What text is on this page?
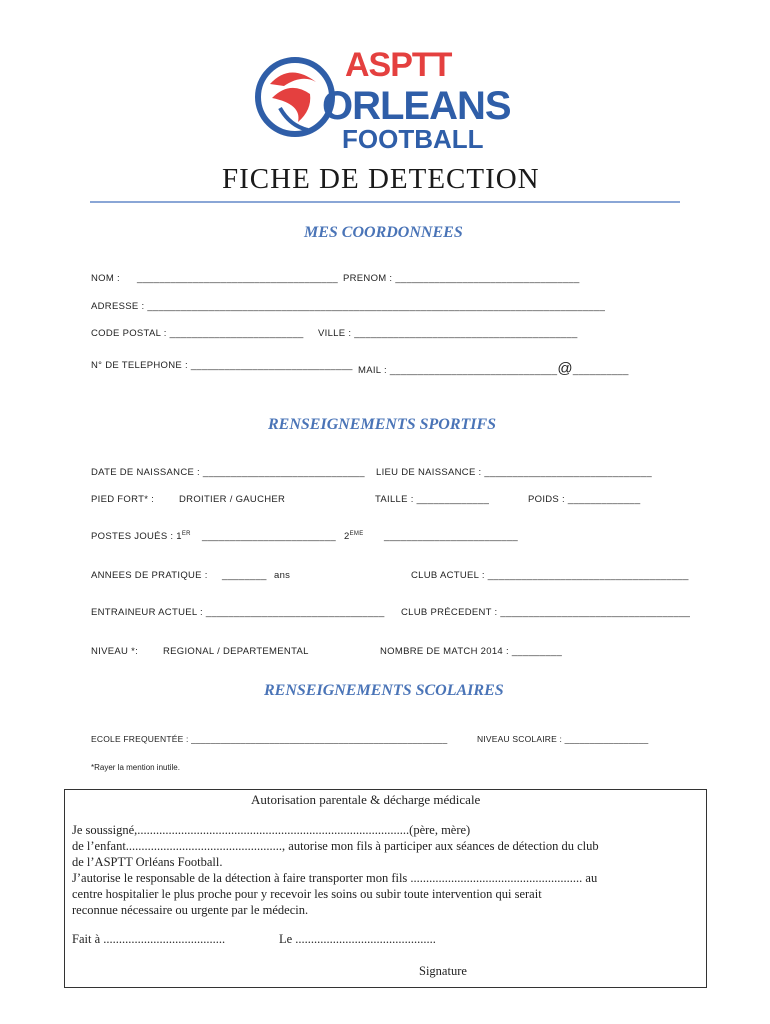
ASPTT
ORLEANS
FOOTBALL
FICHE DE DETECTION
MES COORDONNEES
NOM : ____________________________________ PRENOM : _________________________________
ADRESSE : __________________________________________________________________________________
CODE POSTAL : ________________________ VILLE : ________________________________________
N° DE TELEPHONE : _____________________________ MAIL : ______________________________@__________
RENSEIGNEMENTS SPORTIFS
DATE DE NAISSANCE : _____________________________ LIEU DE NAISSANCE : ______________________________
PIED FORT* :	DROITIER / GAUCHER	TAILLE : _____________	POIDS : _____________
POSTES JOUÉS : 1ER ________________________ 2EME ________________________
ANNEES DE PRATIQUE : ________ ans	CLUB ACTUEL : ____________________________________
ENTRAINEUR ACTUEL : ________________________________ CLUB PRÉCEDENT : __________________________________
NIVEAU *:	REGIONAL / DEPARTEMENTAL	NOMBRE DE MATCH 2014 : _________
RENSEIGNEMENTS SCOLAIRES
ECOLE FREQUENTÉE : ____________________________________________________	NIVEAU SCOLAIRE : _________________
*Rayer la mention inutile.
Autorisation parentale & décharge médicale
Je soussigné,.......................................................................................(père, mère)
de l’enfant.................................................., autorise mon fils à participer aux séances de détection du club
de l’ASPTT Orléans Football.
J’autorise le responsable de la détection à faire transporter mon fils ....................................................... au
centre hospitalier le plus proche pour y recevoir les soins ou subir toute intervention qui serait
reconnue nécessaire ou urgente par le médecin.
Fait à .......................................	Le .............................................
Signature
